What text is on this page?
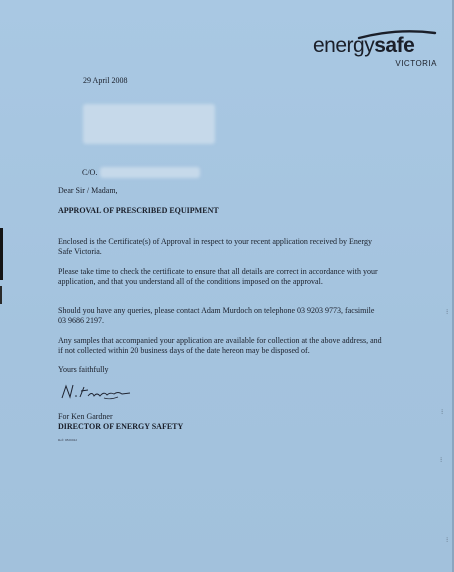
energysafe
VICTORIA
29 April 2008
C/O.
Dear Sir / Madam,
APPROVAL OF PRESCRIBED EQUIPMENT
Enclosed is the Certificate(s) of Approval in respect to your recent application received by Energy
Safe Victoria.
Please take time to check the certificate to ensure that all details are correct in accordance with your
application, and that you understand all of the conditions imposed on the approval.
Should you have any queries, please contact Adam Murdoch on telephone 03 9203 9773, facsimile
03 9686 2197.
Any samples that accompanied your application are available for collection at the above address, and
if not collected within 20 business days of the date hereon may be disposed of.
Yours faithfully
For Ken Gardner
DIRECTOR OF ENERGY SAFETY
Ref: 0826042
⁝
⁝
⁝
⁝
